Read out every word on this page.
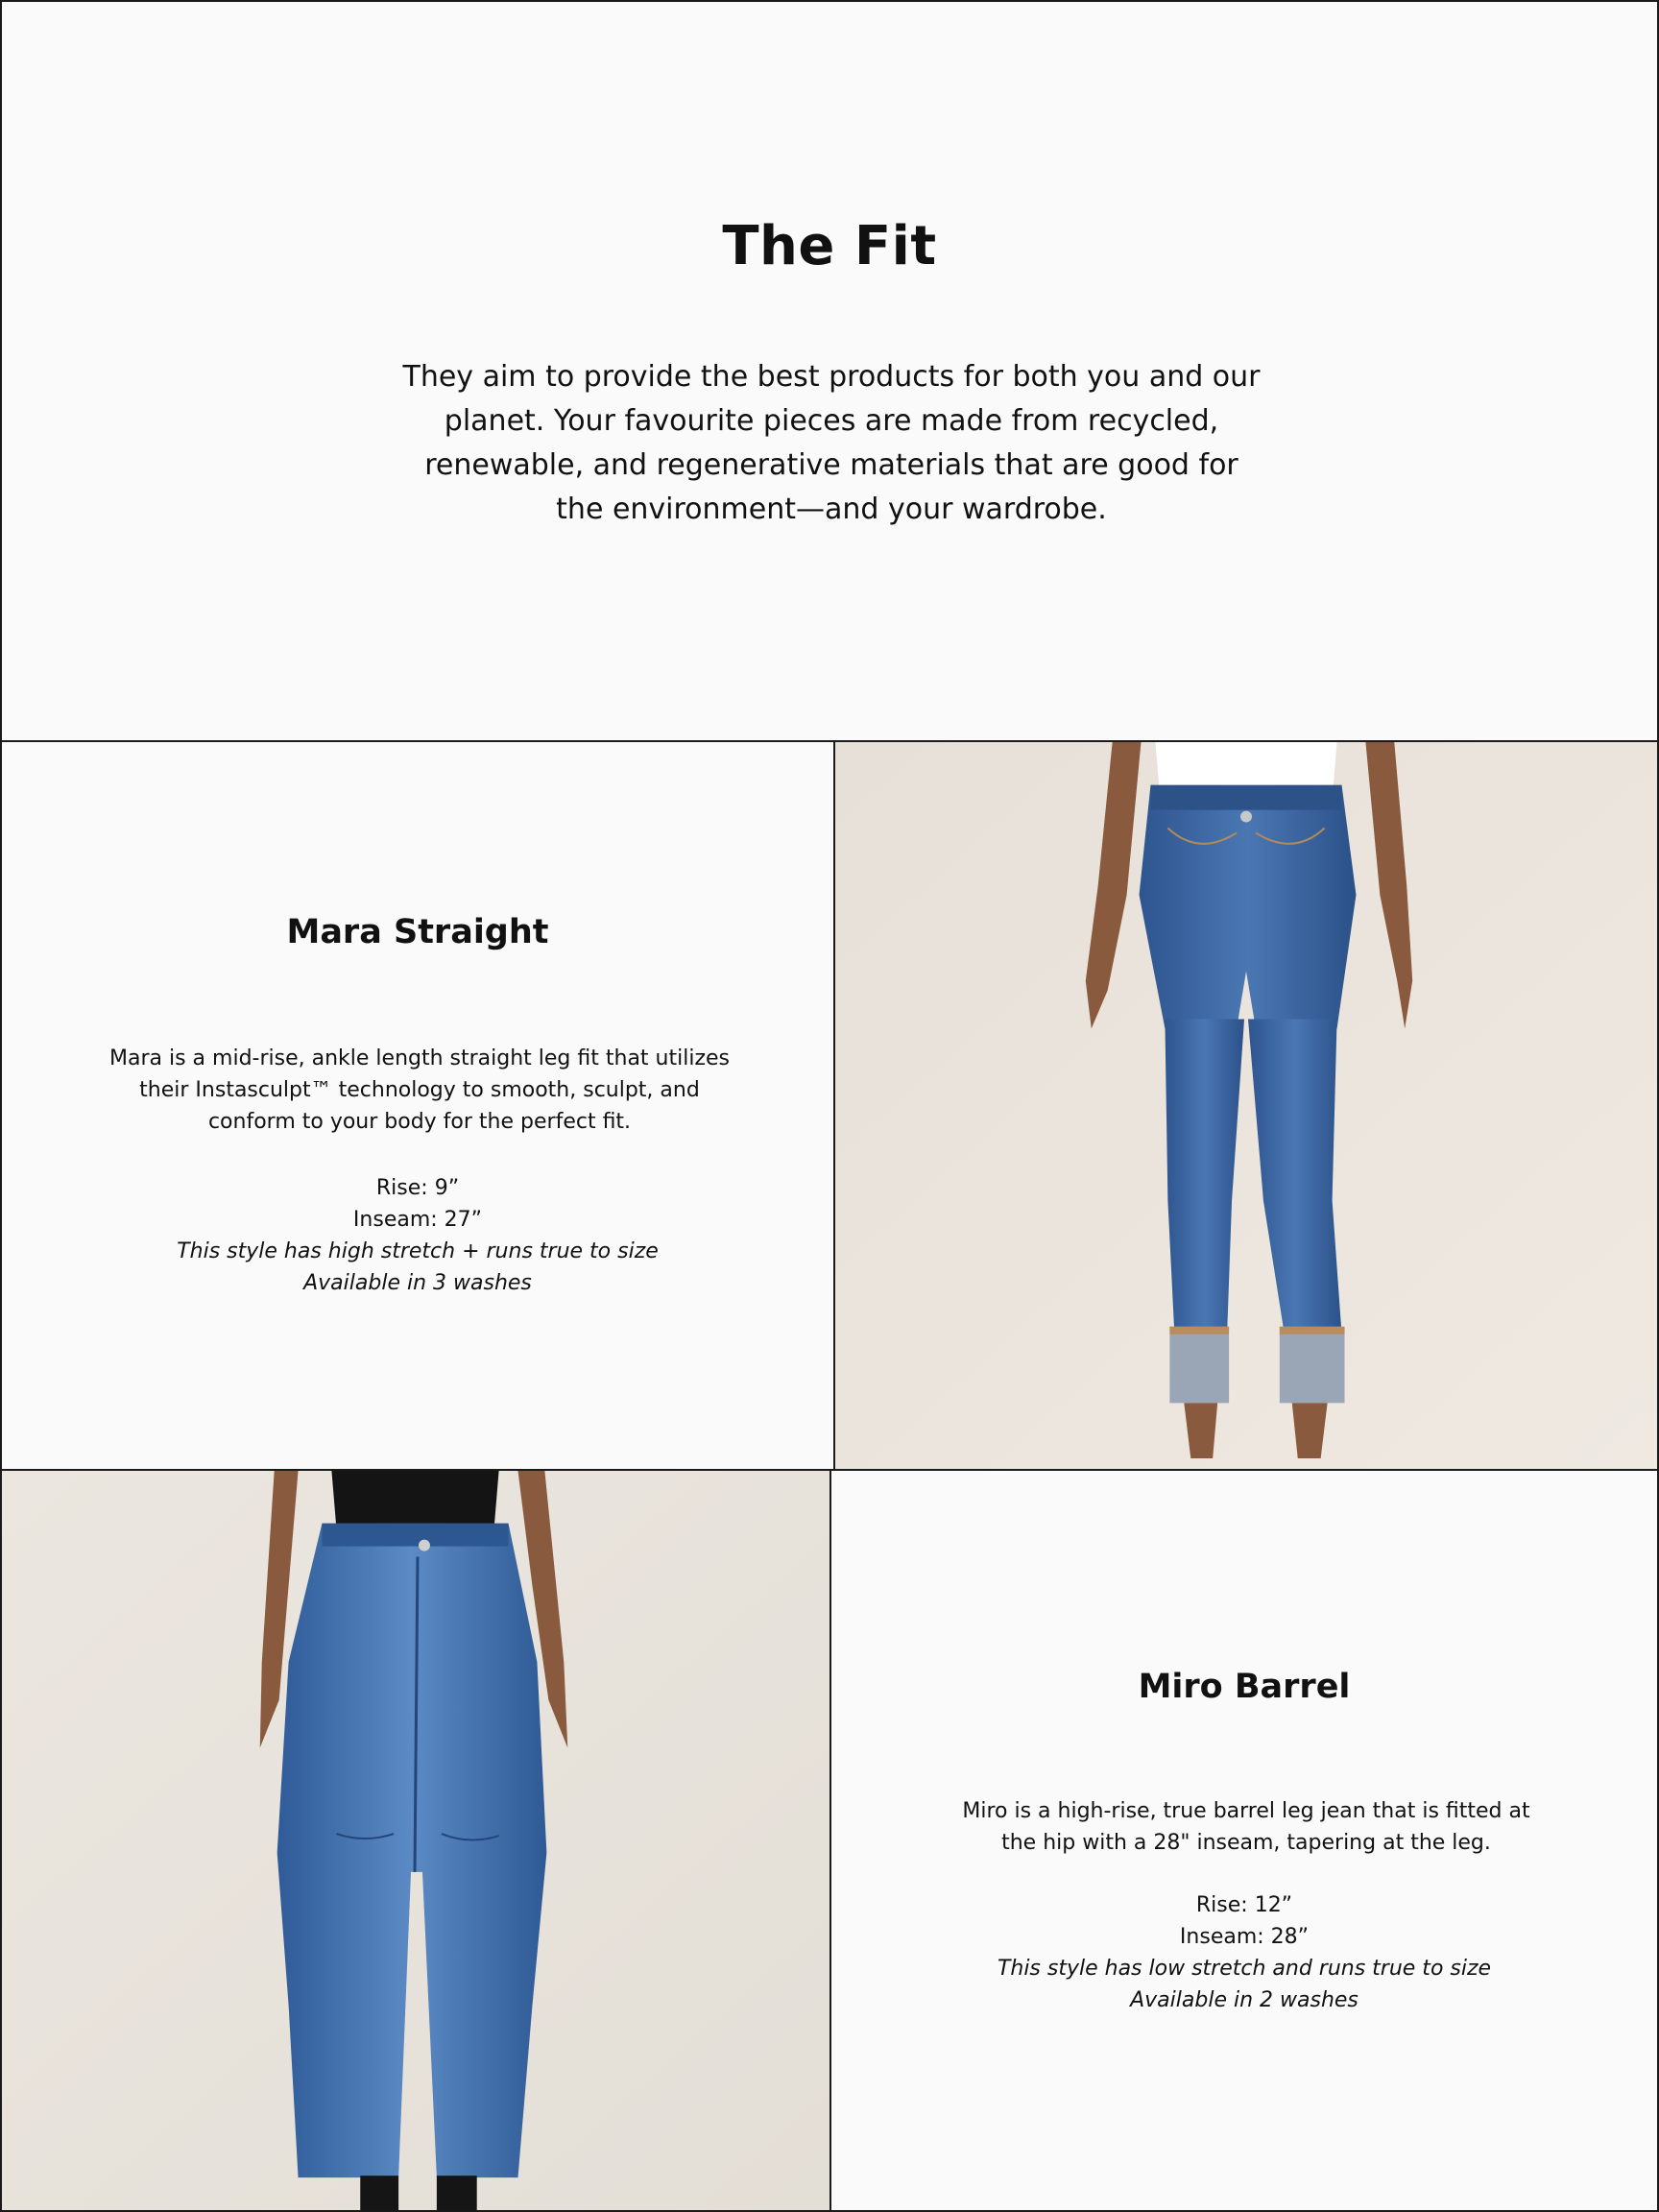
The Fit

They aim to provide the best products for both you and our planet. Your favourite pieces are made from recycled, renewable, and regenerative materials that are good for the environment—and your wardrobe.

Mara Straight

Mara is a mid-rise, ankle length straight leg fit that utilizes their Instasculpt™ technology to smooth, sculpt, and conform to your body for the perfect fit.

Rise: 9”
Inseam: 27”
This style has high stretch + runs true to size
Available in 3 washes
Miro Barrel

Miro is a high-rise, true barrel leg jean that is fitted at the hip with a 28" inseam, tapering at the leg.

Rise: 12”
Inseam: 28”
This style has low stretch and runs true to size
Available in 2 washes
